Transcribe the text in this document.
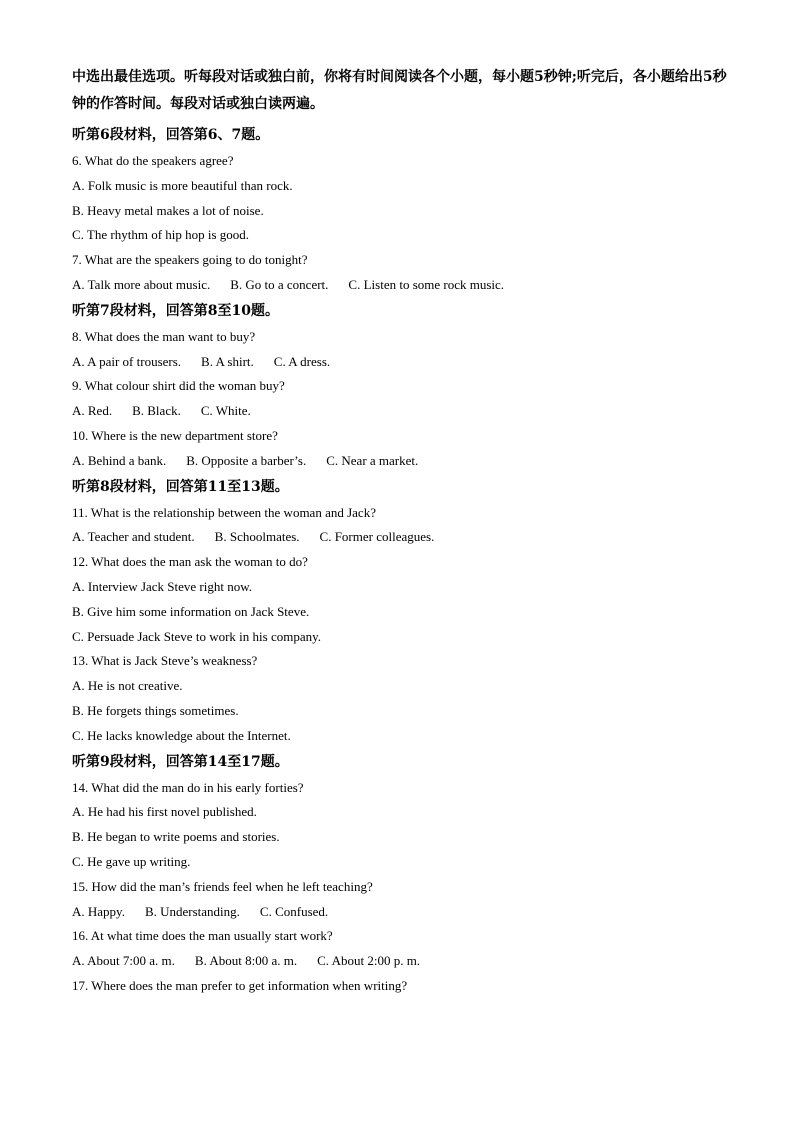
中选出最佳选项。听每段对话或独白前，你将有时间阅读各个小题，每小题5秒钟;听完后，各小题给出5秒钟的作答时间。每段对话或独白读两遍。

听第6段材料，回答第6、7题。

6. What do the speakers agree?

A. Folk music is more beautiful than rock.

B. Heavy metal makes a lot of noise.

C. The rhythm of hip hop is good.

7. What are the speakers going to do tonight?

A. Talk more about music. B. Go to a concert. C. Listen to some rock music.

听第7段材料，回答第8至10题。

8. What does the man want to buy?

A. A pair of trousers. B. A shirt. C. A dress.

9. What colour shirt did the woman buy?

A. Red. B. Black. C. White.

10. Where is the new department store?

A. Behind a bank. B. Opposite a barber’s. C. Near a market.

听第8段材料，回答第11至13题。

11. What is the relationship between the woman and Jack?

A. Teacher and student. B. Schoolmates. C. Former colleagues.

12. What does the man ask the woman to do?

A. Interview Jack Steve right now.

B. Give him some information on Jack Steve.

C. Persuade Jack Steve to work in his company.

13. What is Jack Steve’s weakness?

A. He is not creative.

B. He forgets things sometimes.

C. He lacks knowledge about the Internet.

听第9段材料，回答第14至17题。

14. What did the man do in his early forties?

A. He had his first novel published.

B. He began to write poems and stories.

C. He gave up writing.

15. How did the man’s friends feel when he left teaching?

A. Happy. B. Understanding. C. Confused.

16. At what time does the man usually start work?

A. About 7:00 a. m. B. About 8:00 a. m. C. About 2:00 p. m.

17. Where does the man prefer to get information when writing?
